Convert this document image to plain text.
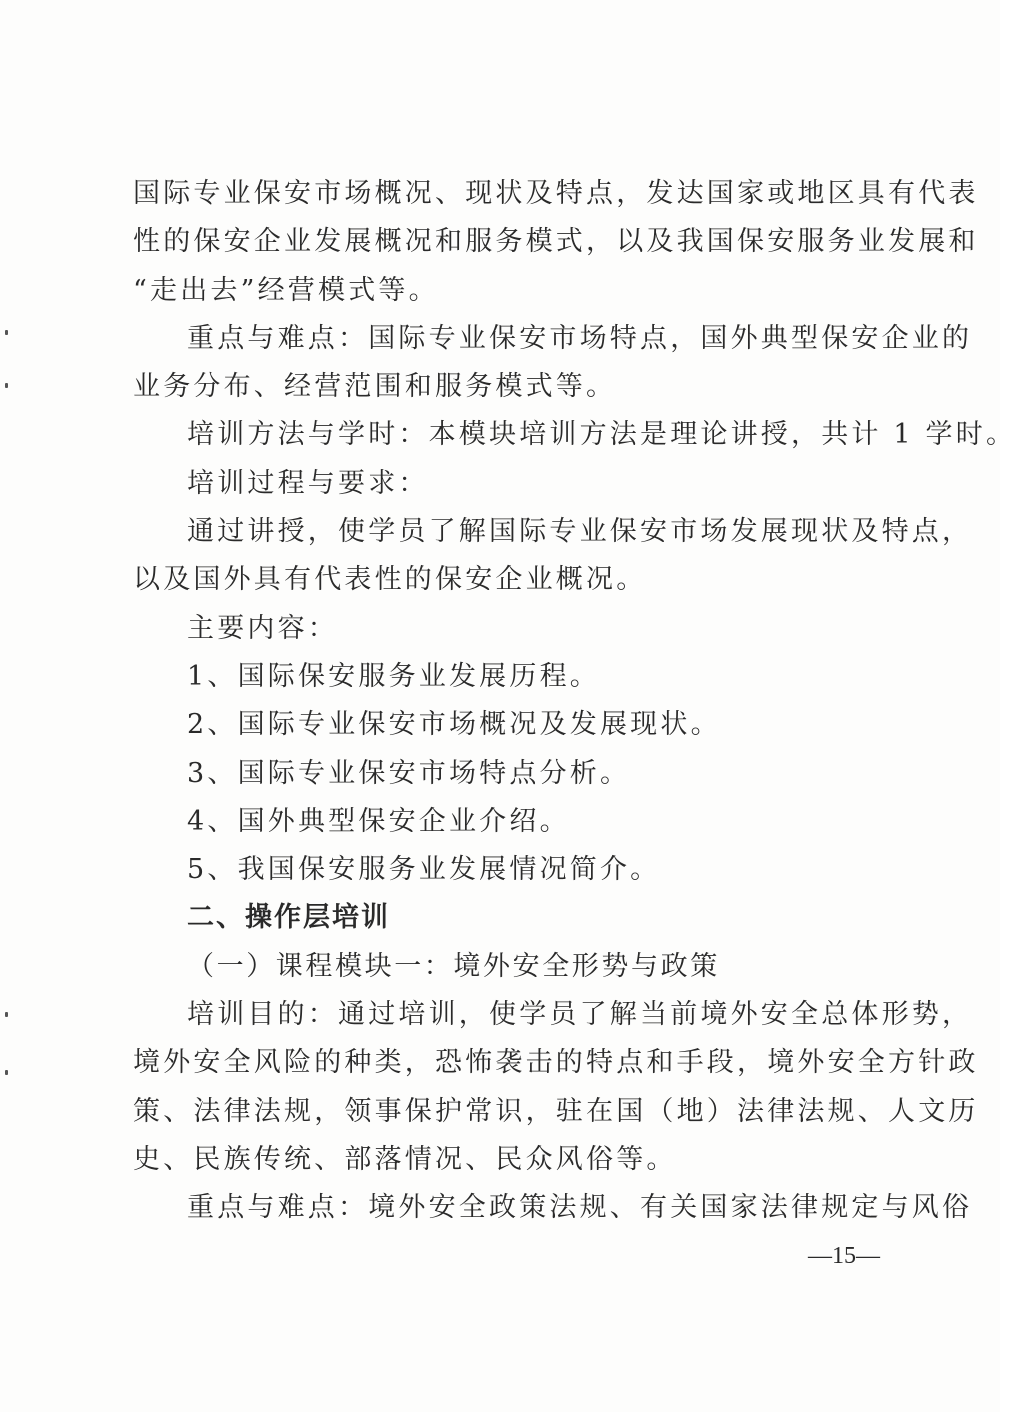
国际专业保安市场概况、现状及特点，发达国家或地区具有代表
性的保安企业发展概况和服务模式，以及我国保安服务业发展和
“走出去”经营模式等。
重点与难点：国际专业保安市场特点，国外典型保安企业的
业务分布、经营范围和服务模式等。
培训方法与学时：本模块培训方法是理论讲授，共计 1 学时。
培训过程与要求：
通过讲授，使学员了解国际专业保安市场发展现状及特点，
以及国外具有代表性的保安企业概况。
主要内容：
1、国际保安服务业发展历程。
2、国际专业保安市场概况及发展现状。
3、国际专业保安市场特点分析。
4、国外典型保安企业介绍。
5、我国保安服务业发展情况简介。
二、操作层培训
（一）课程模块一：境外安全形势与政策
培训目的：通过培训，使学员了解当前境外安全总体形势，
境外安全风险的种类，恐怖袭击的特点和手段，境外安全方针政
策、法律法规，领事保护常识，驻在国（地）法律法规、人文历
史、民族传统、部落情况、民众风俗等。
重点与难点：境外安全政策法规、有关国家法律规定与风俗
—15—
